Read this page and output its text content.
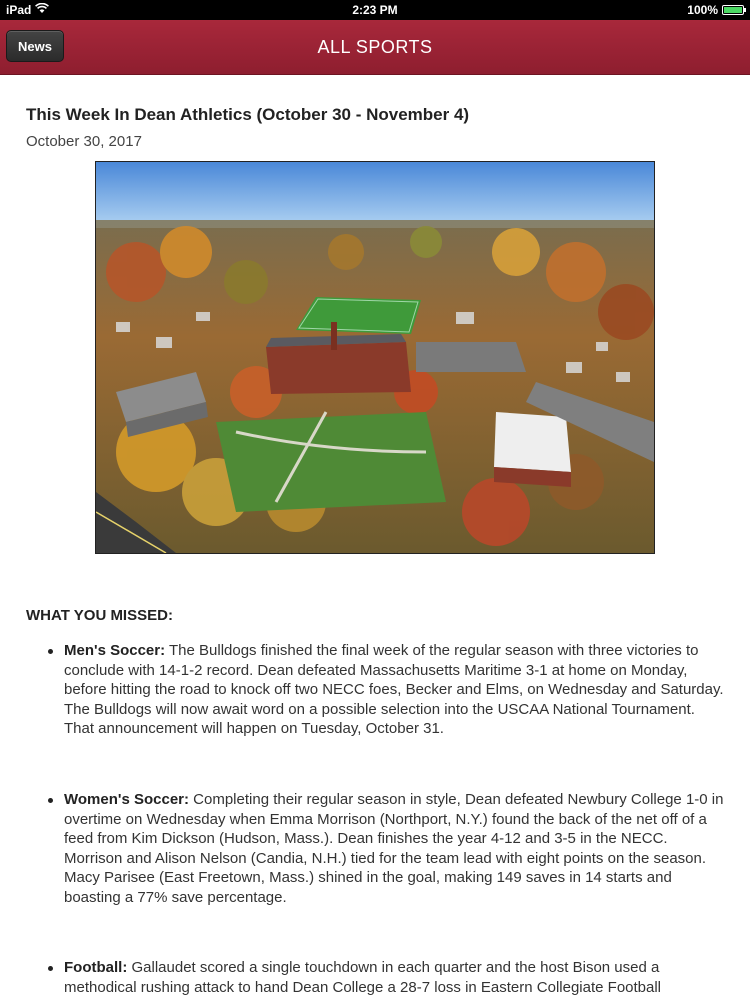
iPad	2:23 PM	100%
News	ALL SPORTS
This Week In Dean Athletics (October 30 - November 4)
October 30, 2017
WHAT YOU MISSED:
Men's Soccer: The Bulldogs finished the final week of the regular season with three victories to conclude with 14-1-2 record. Dean defeated Massachusetts Maritime 3-1 at home on Monday, before hitting the road to knock off two NECC foes, Becker and Elms, on Wednesday and Saturday. The Bulldogs will now await word on a possible selection into the USCAA National Tournament. That announcement will happen on Tuesday, October 31.
Women's Soccer: Completing their regular season in style, Dean defeated Newbury College 1-0 in overtime on Wednesday when Emma Morrison (Northport, N.Y.) found the back of the net off of a feed from Kim Dickson (Hudson, Mass.). Dean finishes the year 4-12 and 3-5 in the NECC. Morrison and Alison Nelson (Candia, N.H.) tied for the team lead with eight points on the season. Macy Parisee (East Freetown, Mass.) shined in the goal, making 149 saves in 14 starts and boasting a 77% save percentage.
Football: Gallaudet scored a single touchdown in each quarter and the host Bison used a methodical rushing attack to hand Dean College a 28-7 loss in Eastern Collegiate Football
